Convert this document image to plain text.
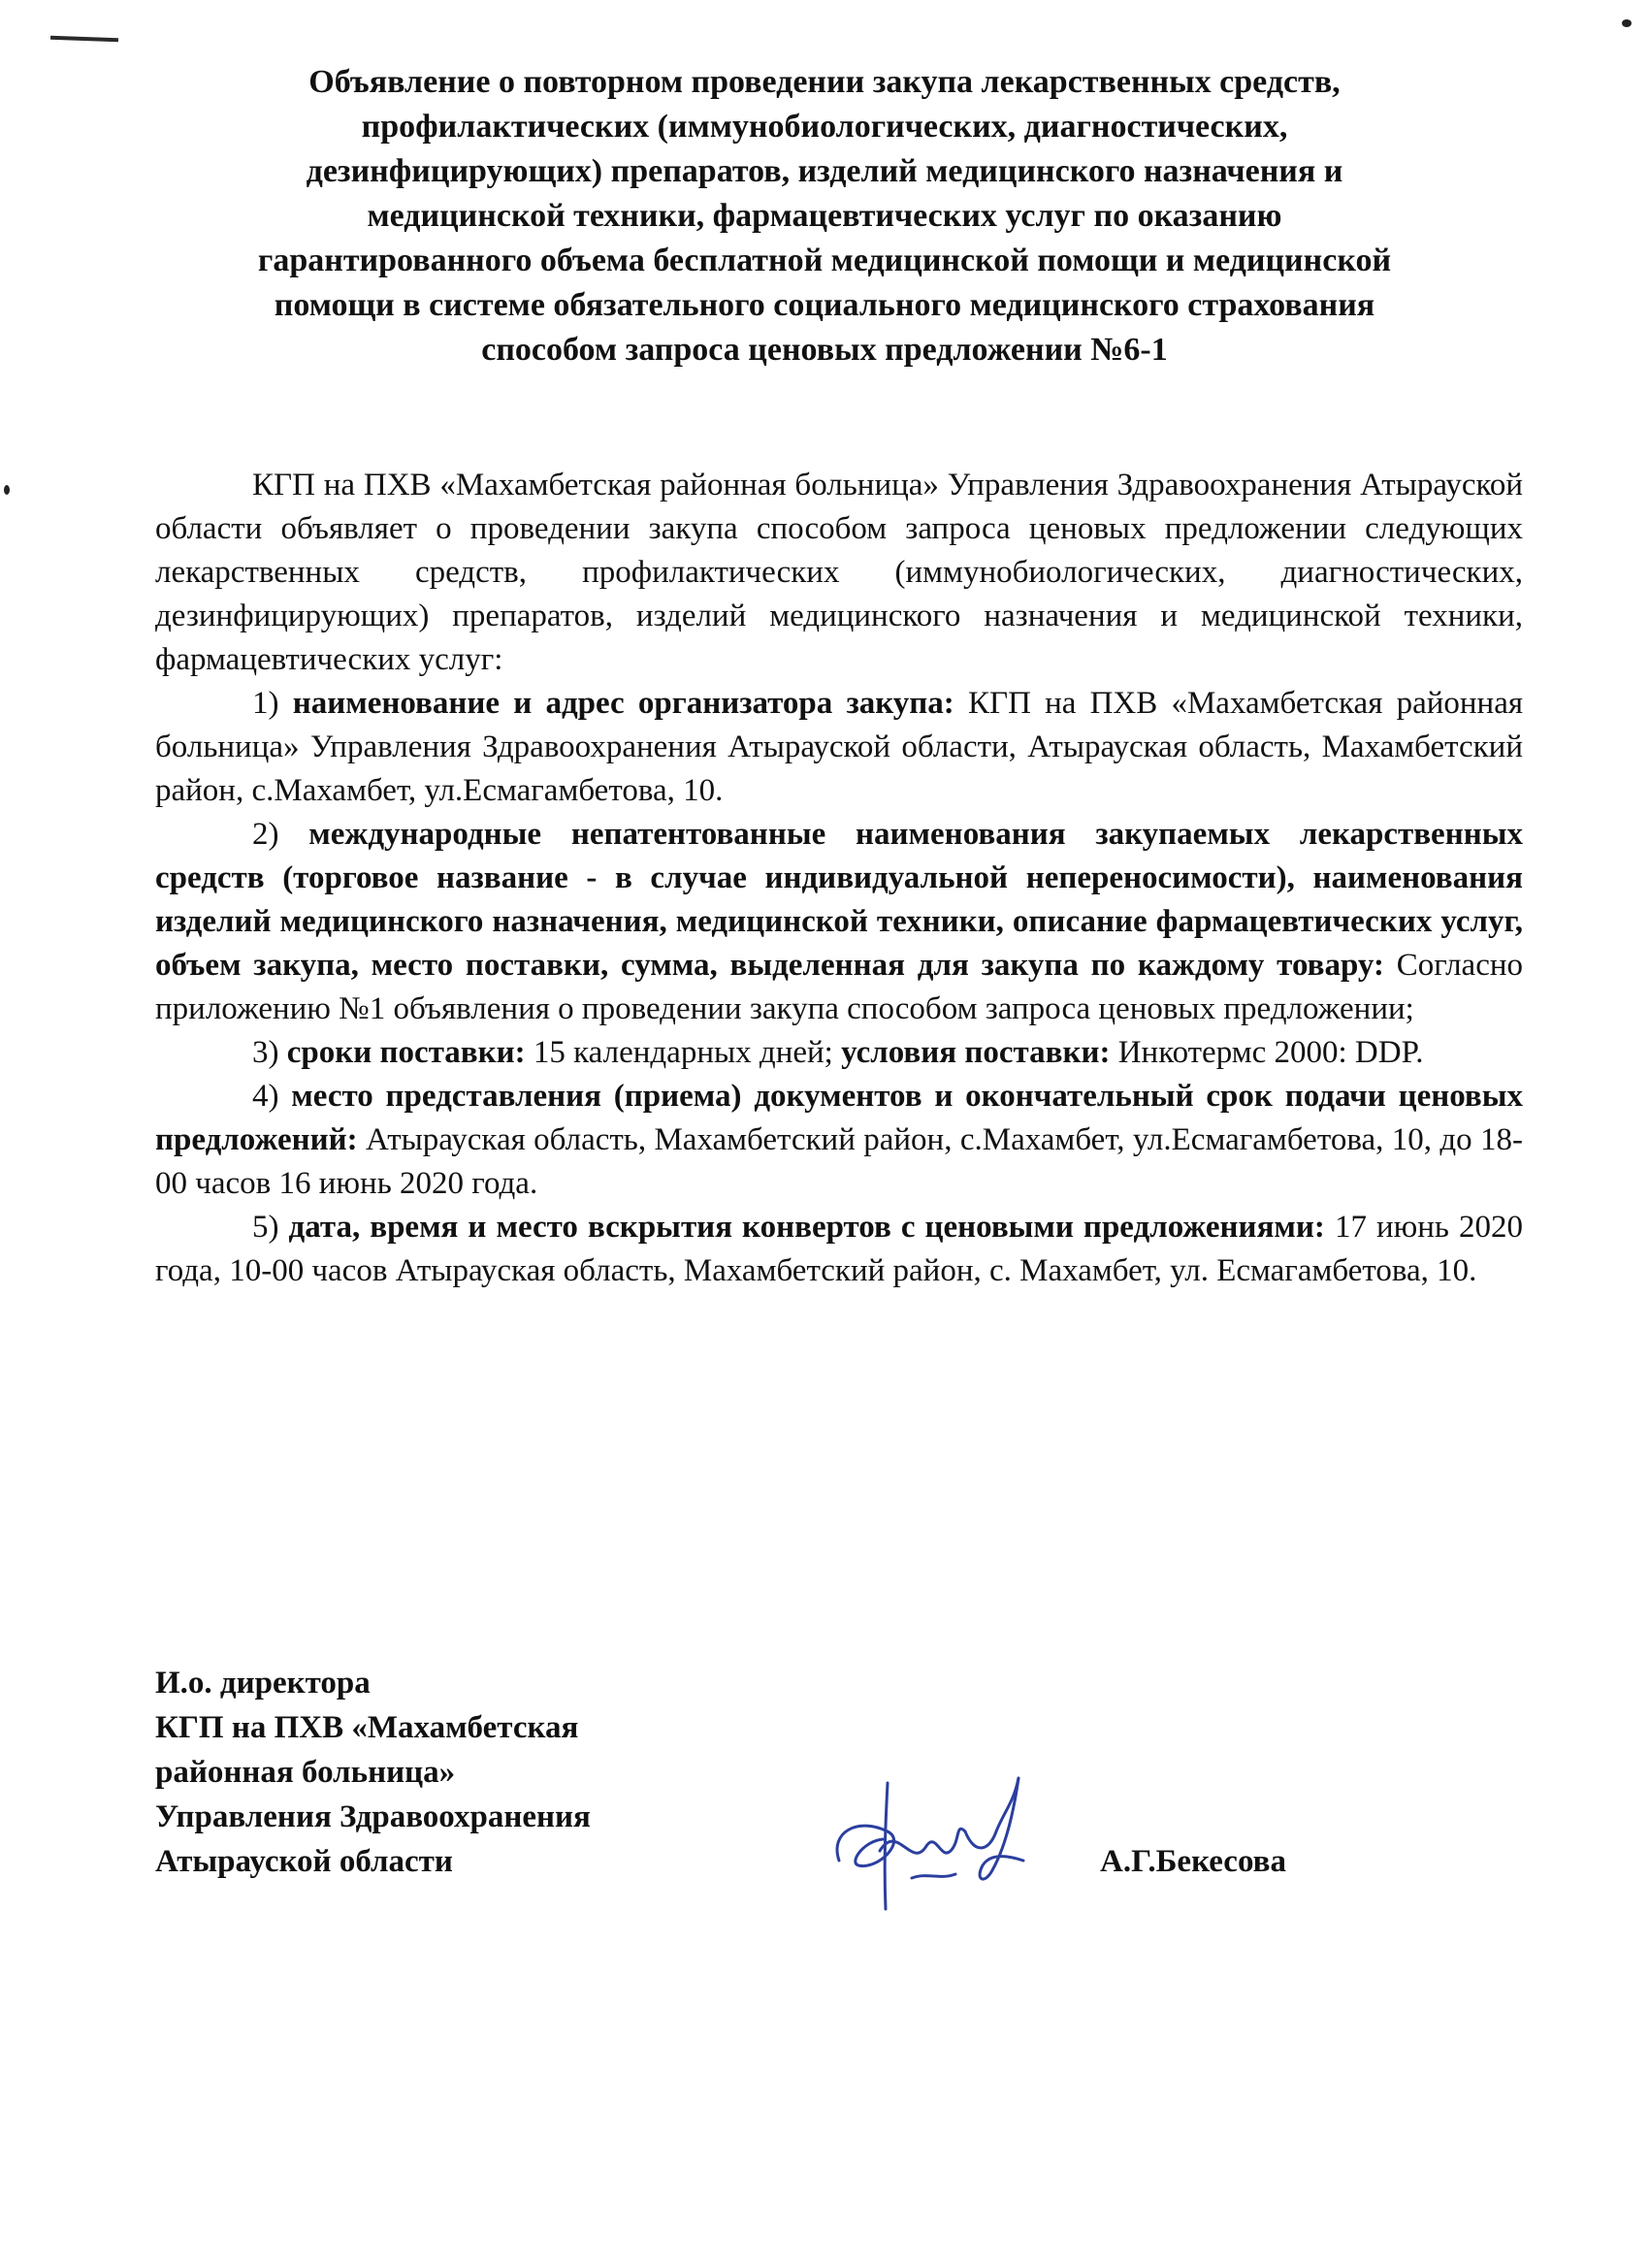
Объявление о повторном проведении закупа лекарственных средств,
профилактических (иммунобиологических, диагностических,
дезинфицирующих) препаратов, изделий медицинского назначения и
медицинской техники, фармацевтических услуг по оказанию
гарантированного объема бесплатной медицинской помощи и медицинской
помощи в системе обязательного социального медицинского страхования
способом запроса ценовых предложении №6-1

КГП на ПХВ «Махамбетская районная больница» Управления Здравоохранения Атырауской области объявляет о проведении закупа способом запроса ценовых предложении следующих лекарственных средств, профилактических (иммунобиологических, диагностических, дезинфицирующих) препаратов, изделий медицинского назначения и медицинской техники, фармацевтических услуг:

1) наименование и адрес организатора закупа: КГП на ПХВ «Махамбетская районная больница» Управления Здравоохранения Атырауской области, Атырауская область, Махамбетский район, с.Махамбет, ул.Есмагамбетова, 10.

2) международные непатентованные наименования закупаемых лекарственных средств (торговое название - в случае индивидуальной непереносимости), наименования изделий медицинского назначения, медицинской техники, описание фармацевтических услуг, объем закупа, место поставки, сумма, выделенная для закупа по каждому товару: Согласно приложению №1 объявления о проведении закупа способом запроса ценовых предложении;

3) сроки поставки: 15 календарных дней; условия поставки: Инкотермс 2000: DDP.

4) место представления (приема) документов и окончательный срок подачи ценовых предложений: Атырауская область, Махамбетский район, с.Махамбет, ул.Есмагамбетова, 10, до 18-00 часов 16 июнь 2020 года.

5) дата, время и место вскрытия конвертов с ценовыми предложениями: 17 июнь 2020 года, 10-00 часов Атырауская область, Махамбетский район, с. Махамбет, ул. Есмагамбетова, 10.

И.о. директора
КГП на ПХВ «Махамбетская
районная больница»
Управления Здравоохранения
Атырауской области	А.Г.Бекесова
